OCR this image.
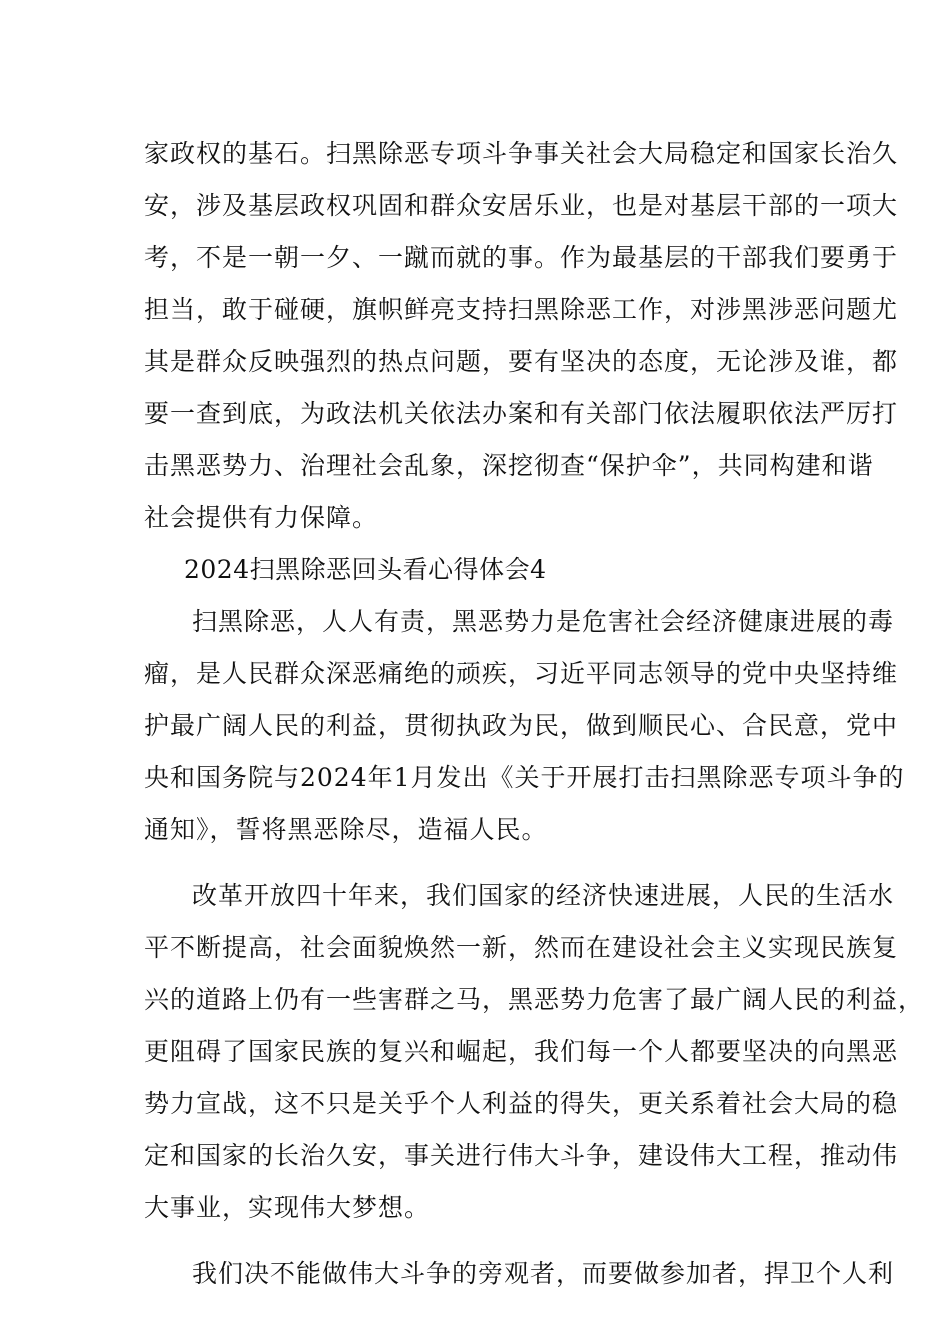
家政权的基石。扫黑除恶专项斗争事关社会大局稳定和国家长治久
安，涉及基层政权巩固和群众安居乐业，也是对基层干部的一项大
考，不是一朝一夕、一蹴而就的事。作为最基层的干部我们要勇于
担当，敢于碰硬，旗帜鲜亮支持扫黑除恶工作，对涉黑涉恶问题尤
其是群众反映强烈的热点问题，要有坚决的态度，无论涉及谁，都
要一查到底，为政法机关依法办案和有关部门依法履职依法严厉打
击黑恶势力、治理社会乱象，深挖彻查“保护伞”，共同构建和谐
社会提供有力保障。
2024扫黑除恶回头看心得体会4
扫黑除恶，人人有责，黑恶势力是危害社会经济健康进展的毒
瘤，是人民群众深恶痛绝的顽疾，习近平同志领导的党中央坚持维
护最广阔人民的利益，贯彻执政为民，做到顺民心、合民意，党中
央和国务院与2024年1月发出《关于开展打击扫黑除恶专项斗争的
通知》，誓将黑恶除尽，造福人民。
改革开放四十年来，我们国家的经济快速进展，人民的生活水
平不断提高，社会面貌焕然一新，然而在建设社会主义实现民族复
兴的道路上仍有一些害群之马，黑恶势力危害了最广阔人民的利益，
更阻碍了国家民族的复兴和崛起，我们每一个人都要坚决的向黑恶
势力宣战，这不只是关乎个人利益的得失，更关系着社会大局的稳
定和国家的长治久安，事关进行伟大斗争，建设伟大工程，推动伟
大事业，实现伟大梦想。
我们决不能做伟大斗争的旁观者，而要做参加者，捍卫个人利
